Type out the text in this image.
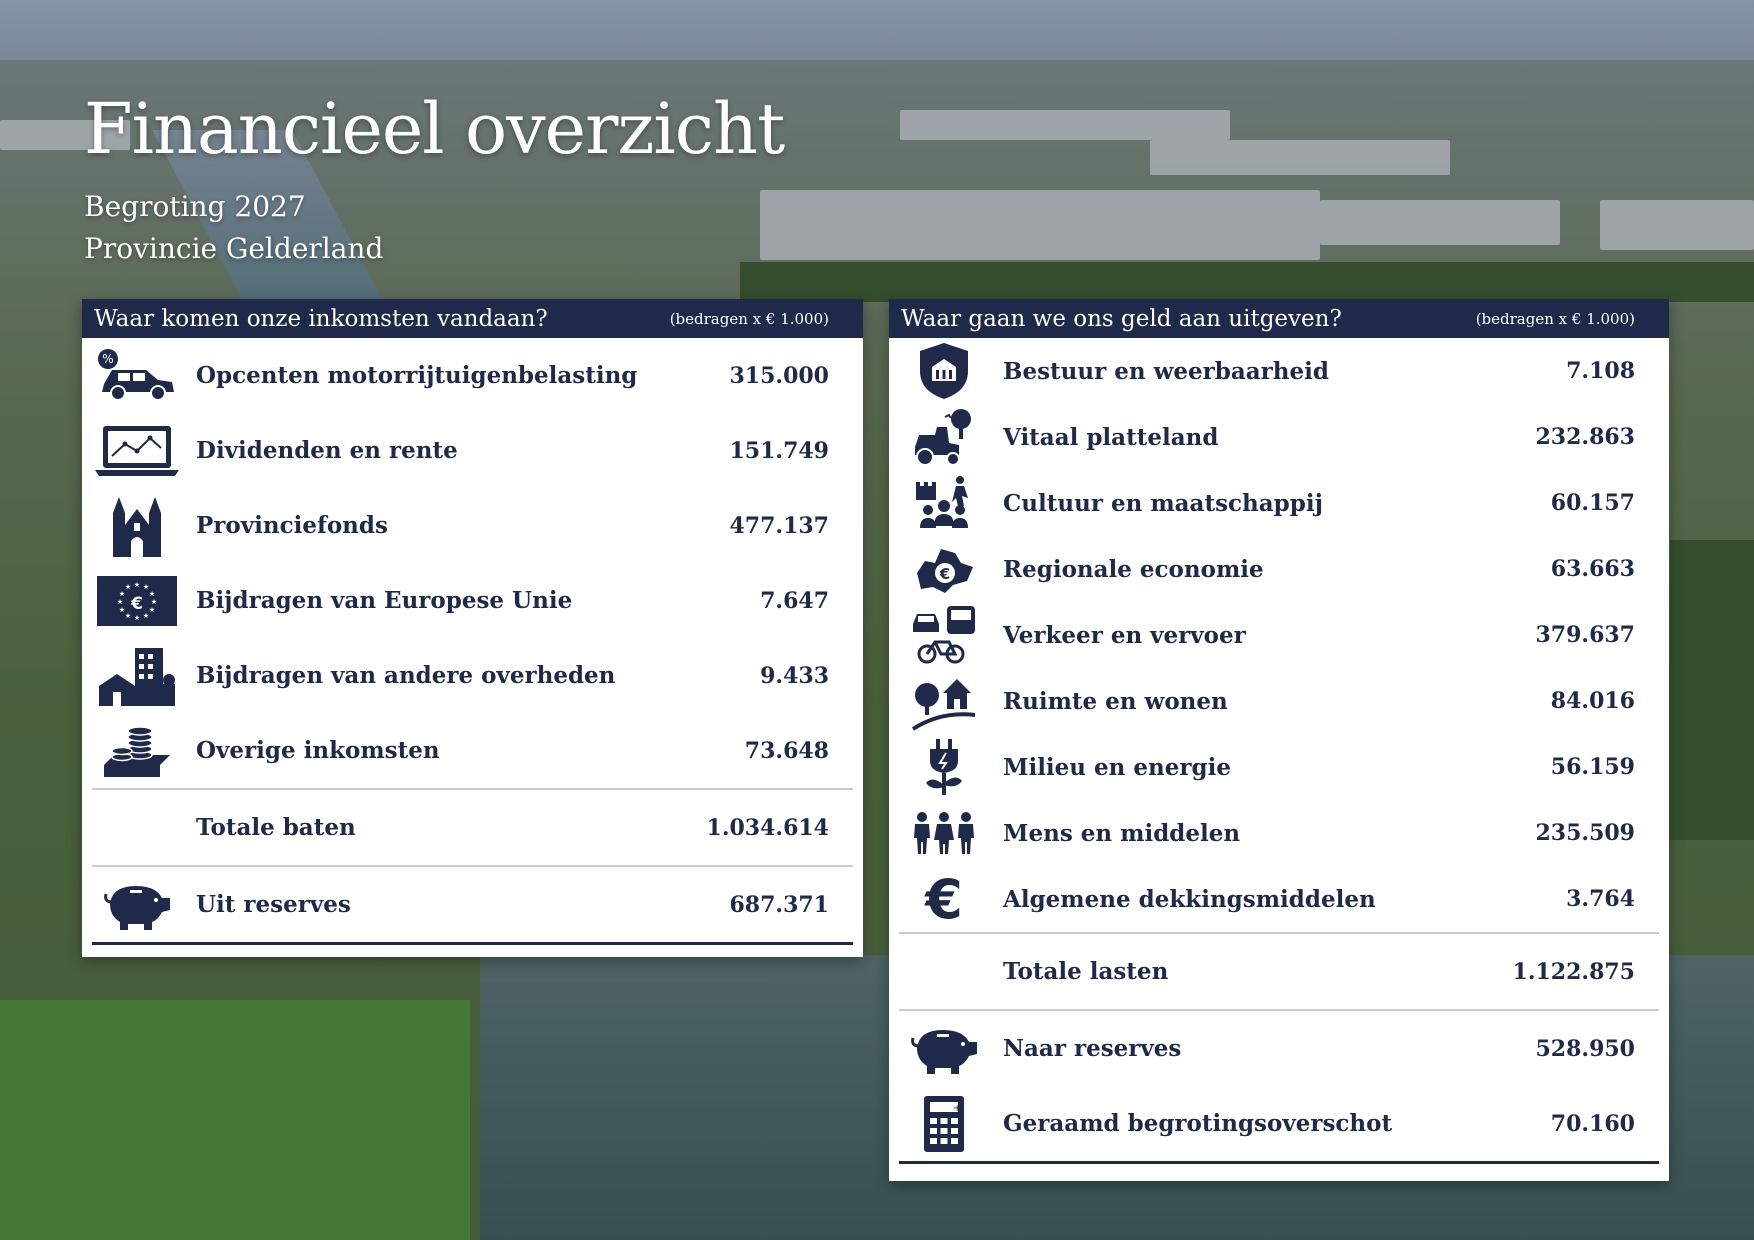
Financieel overzicht
Begroting 2027
Provincie Gelderland
Waar komen onze inkomsten vandaan?	(bedragen x € 1.000)
%
Opcenten motorrijtuigenbelasting	315.000
Dividenden en rente	151.749
Provinciefonds	477.137
★ ★
★
★
★
★
★
★
★
★
★
★
€	Bijdragen van Europese Unie	7.647
Bijdragen van andere overheden	9.433
Overige inkomsten	73.648
Totale baten	1.034.614
Uit reserves	687.371
Waar gaan we ons geld aan uitgeven?	(bedragen x € 1.000)
Bestuur en weerbaarheid	7.108
Vitaal platteland	232.863
Cultuur en maatschappij	60.157
€	Regionale economie	63.663
Verkeer en vervoer	379.637
Ruimte en wonen	84.016
Milieu en energie	56.159
Mens en middelen	235.509
€	Algemene dekkingsmiddelen	3.764
Totale lasten	1.122.875
Naar reserves	528.950
+
Geraamd begrotingsoverschot	70.160
